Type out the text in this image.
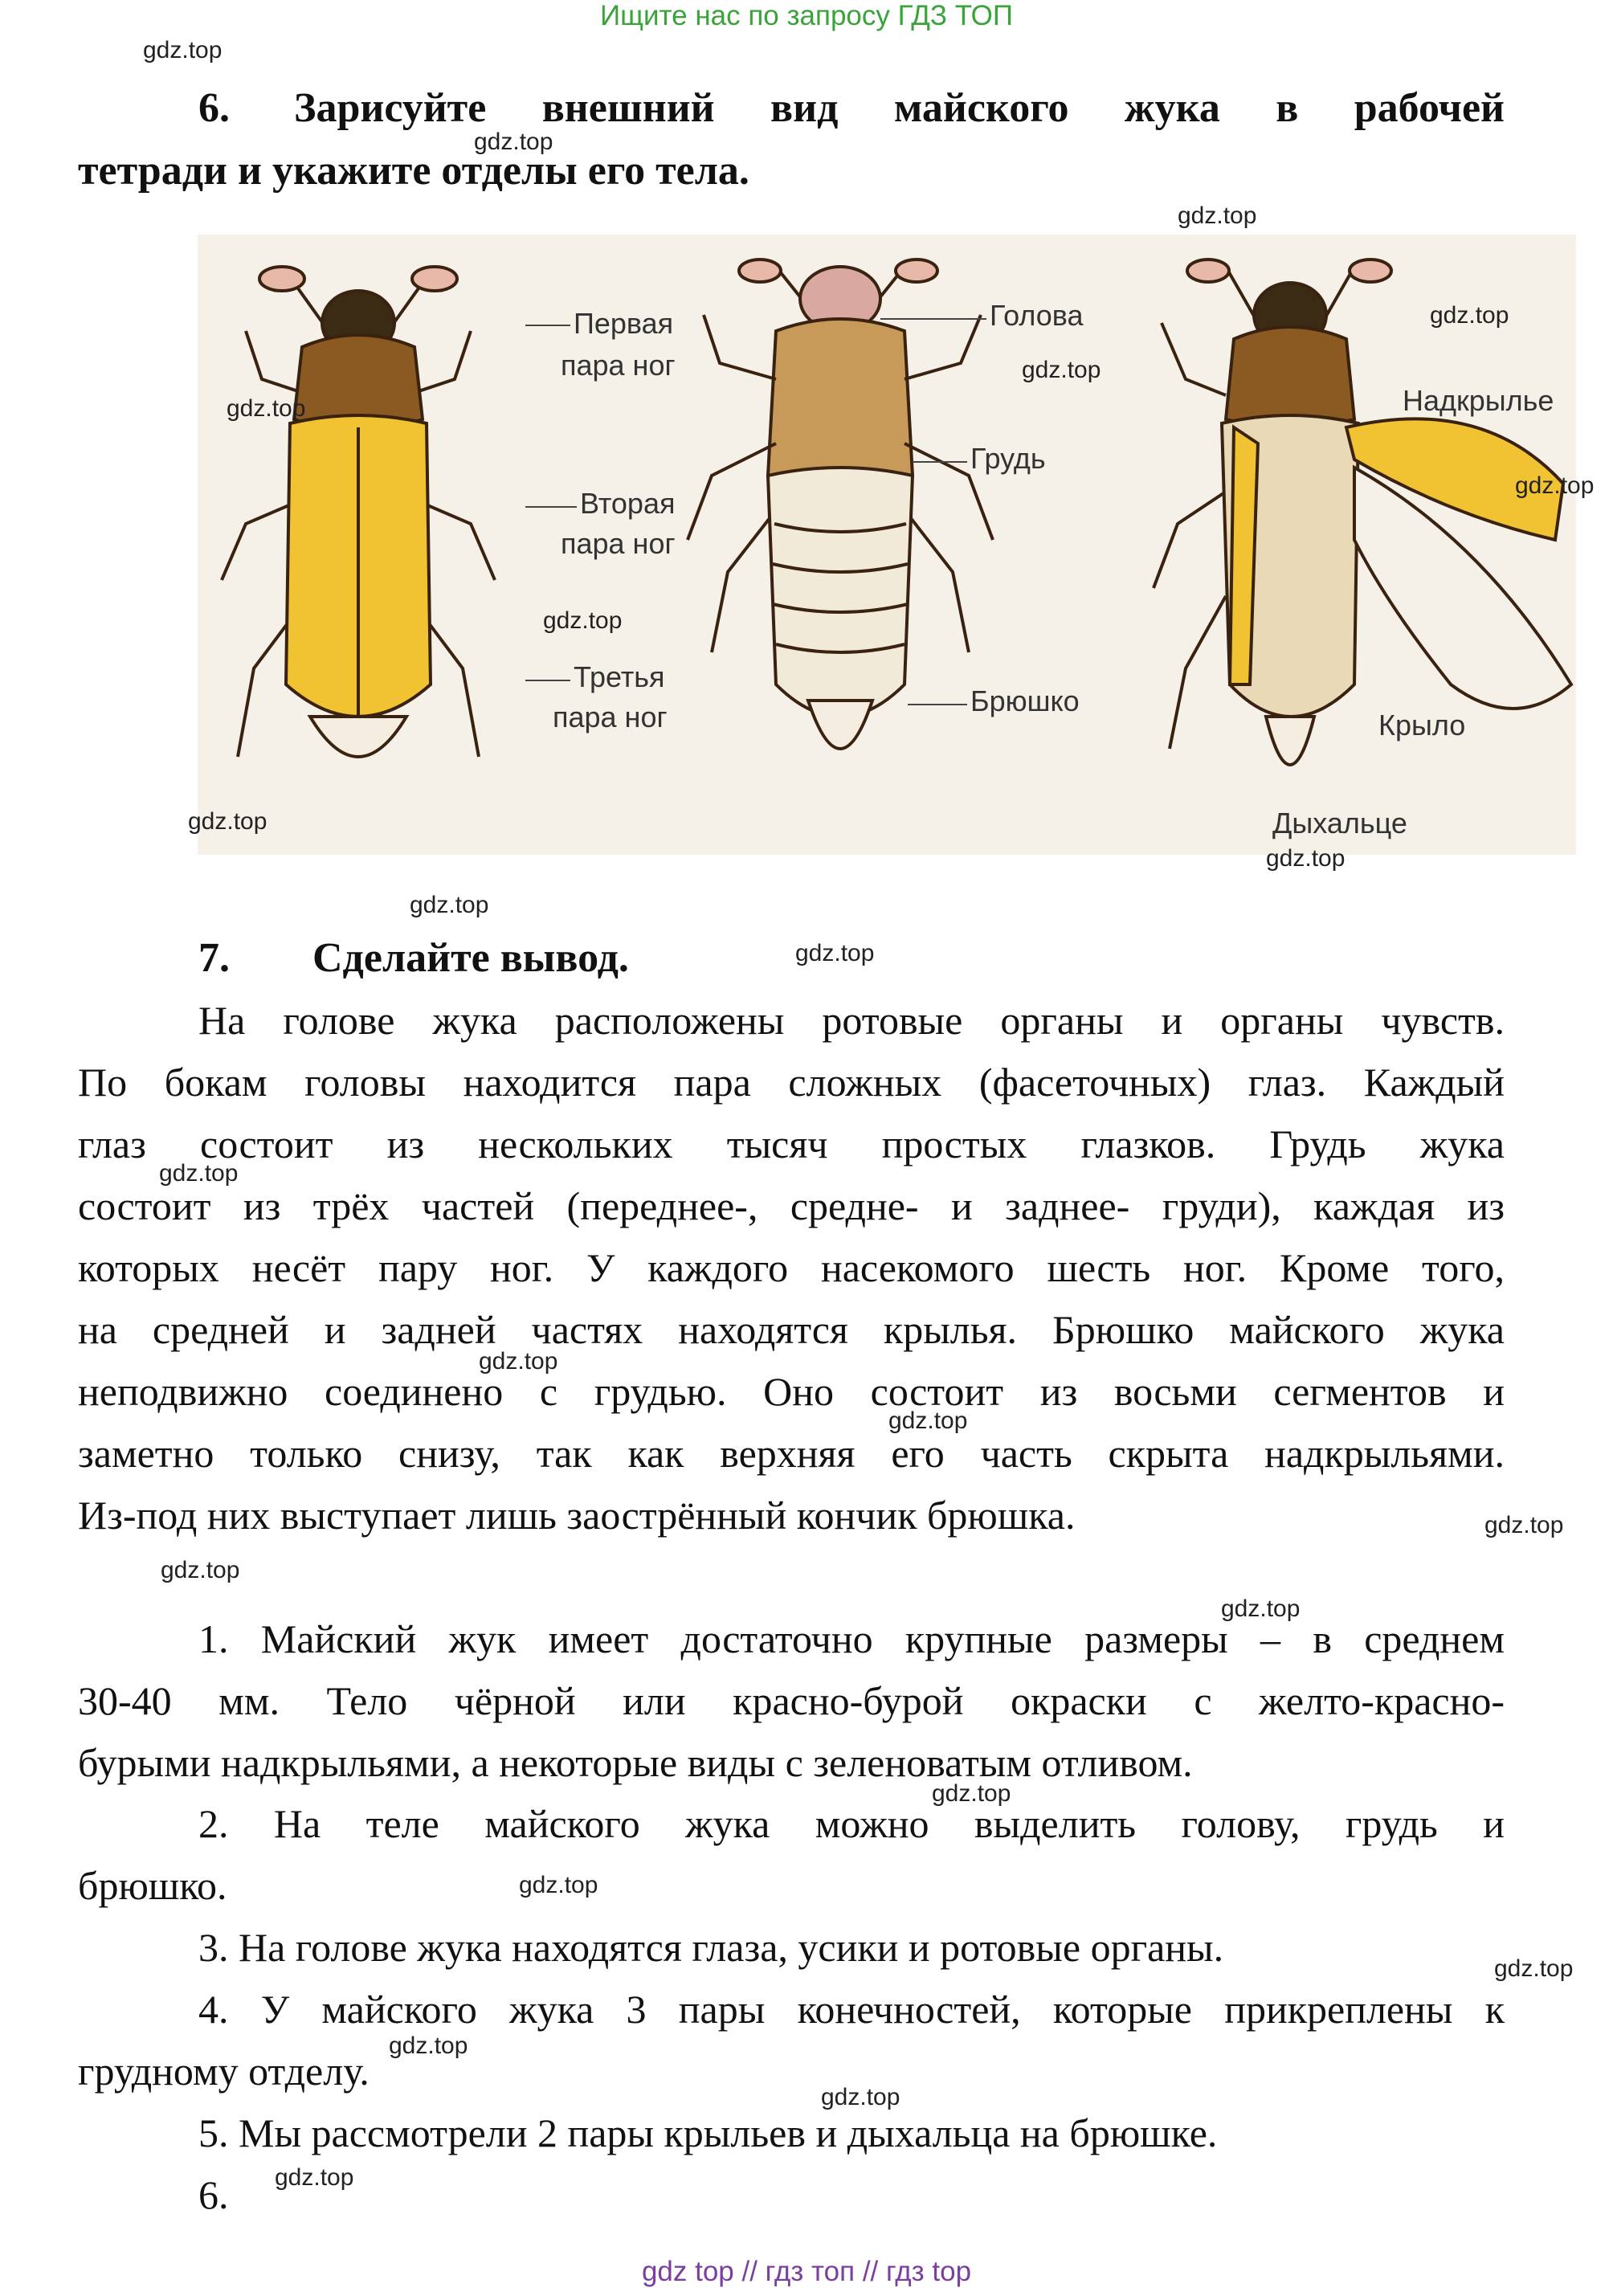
Ищите нас по запросу ГДЗ ТОП
6. Зарисуйте внешний вид майского жука в рабочей
тетради и укажите отделы его тела.
Первая
пара ног
Вторая
пара ног
Третья
пара ног
Голова
Грудь
Брюшко
Надкрылье
Крыло
Дыхальце
7. Сделайте вывод.
На голове жука расположены ротовые органы и органы чувств.
По бокам головы находится пара сложных (фасеточных) глаз. Каждый
глаз состоит из нескольких тысяч простых глазков. Грудь жука
состоит из трёх частей (переднее-, средне- и заднее- груди), каждая из
которых несёт пару ног. У каждого насекомого шесть ног. Кроме того,
на средней и задней частях находятся крылья. Брюшко майского жука
неподвижно соединено с грудью. Оно состоит из восьми сегментов и
заметно только снизу, так как верхняя его часть скрыта надкрыльями.
Из-под них выступает лишь заострённый кончик брюшка.
1. Майский жук имеет достаточно крупные размеры – в среднем
30-40 мм. Тело чёрной или красно-бурой окраски с желто-красно-
бурыми надкрыльями, а некоторые виды с зеленоватым отливом.
2. На теле майского жука можно выделить голову, грудь и
брюшко.
3. На голове жука находятся глаза, усики и ротовые органы.
4. У майского жука 3 пары конечностей, которые прикреплены к
грудному отделу.
5. Мы рассмотрели 2 пары крыльев и дыхальца на брюшке.
6.
gdz.top
gdz.top
gdz.top
gdz.top
gdz.top
gdz.top
gdz.top
gdz.top
gdz.top
gdz.top
gdz.top
gdz.top
gdz.top
gdz.top
gdz.top
gdz.top
gdz.top
gdz.top
gdz.top
gdz.top
gdz.top
gdz.top
gdz.top
gdz.top
gdz top // гдз топ // гдз top
